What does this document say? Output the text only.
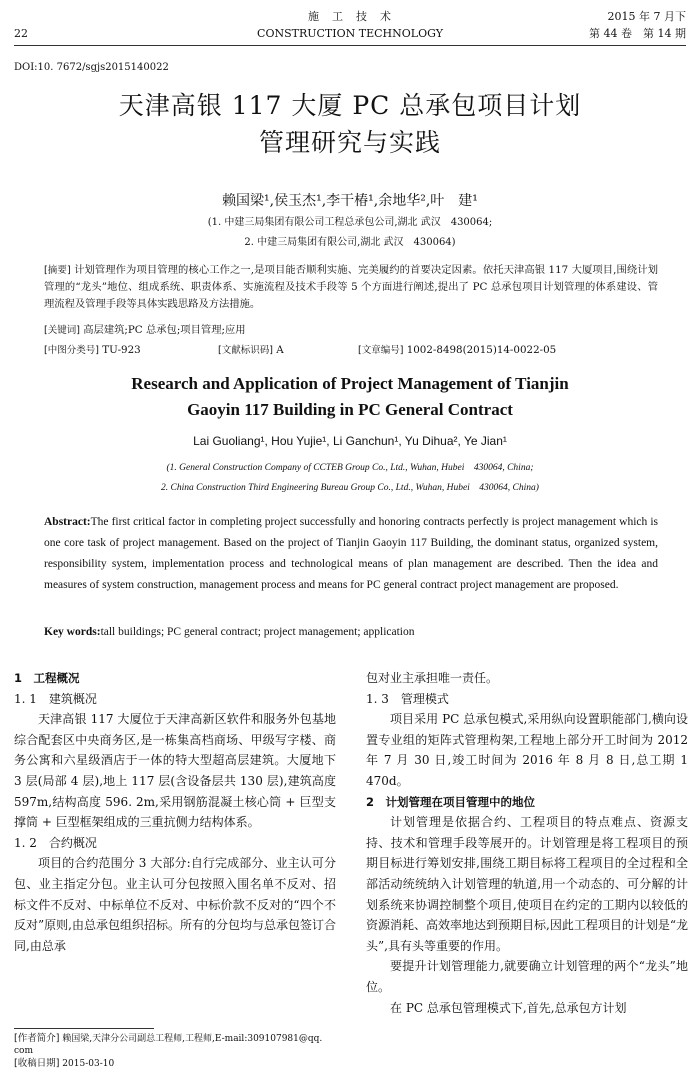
22
施　工　技　术
CONSTRUCTION TECHNOLOGY
2015 年 7 月下
第 44 卷　第 14 期
DOI:10. 7672/sgjs2015140022
天津高银 117 大厦 PC 总承包项目计划
管理研究与实践
赖国梁¹,侯玉杰¹,李干椿¹,余地华²,叶　建¹
(1. 中建三局集团有限公司工程总承包公司,湖北 武汉　430064;
2. 中建三局集团有限公司,湖北 武汉　430064)
[摘要] 计划管理作为项目管理的核心工作之一,是项目能否顺利实施、完美履约的首要决定因素。依托天津高银 117 大厦项目,围绕计划管理的“龙头”地位、组成系统、职责体系、实施流程及技术手段等 5 个方面进行阐述,提出了 PC 总承包项目计划管理的体系建设、管理流程及管理手段等具体实践思路及方法措施。
[关键词] 高层建筑;PC 总承包;项目管理;应用
[中图分类号] TU-923	[文献标识码] A	[文章编号] 1002-8498(2015)14-0022-05
Research and Application of Project Management of Tianjin
Gaoyin 117 Building in PC General Contract
Lai Guoliang¹, Hou Yujie¹, Li Ganchun¹, Yu Dihua², Ye Jian¹
(1. General Construction Company of CCTEB Group Co., Ltd., Wuhan, Hubei　430064, China;
2. China Construction Third Engineering Bureau Group Co., Ltd., Wuhan, Hubei　430064, China)
Abstract:The first critical factor in completing project successfully and honoring contracts perfectly is project management which is one core task of project management. Based on the project of Tianjin Gaoyin 117 Building, the dominant status, organized system, responsibility system, implementation process and technological means of plan management are described. Then the idea and measures of system construction, management process and means for PC general contract project management are proposed.
Key words:tall buildings; PC general contract; project management; application

1　工程概况

1. 1　建筑概况

天津高银 117 大厦位于天津高新区软件和服务外包基地综合配套区中央商务区,是一栋集高档商场、甲级写字楼、商务公寓和六星级酒店于一体的特大型超高层建筑。大厦地下 3 层(局部 4 层),地上 117 层(含设备层共 130 层),建筑高度 597m,结构高度 596. 2m,采用钢筋混凝土核心筒 + 巨型支撑筒 + 巨型框架组成的三重抗侧力结构体系。

1. 2　合约概况

项目的合约范围分 3 大部分:自行完成部分、业主认可分包、业主指定分包。业主认可分包按照入围名单不反对、招标文件不反对、中标单位不反对、中标价款不反对的“四个不反对”原则,由总承包组织招标。所有的分包均与总承包签订合同,由总承

[作者简介] 赖国梁,天津分公司副总工程师,工程师,E-mail:309107981@qq. com
[收稿日期] 2015-03-10

包对业主承担唯一责任。

1. 3　管理模式

项目采用 PC 总承包模式,采用纵向设置职能部门,横向设置专业组的矩阵式管理构架,工程地上部分开工时间为 2012 年 7 月 30 日,竣工时间为 2016 年 8 月 8 日,总工期 1 470d。

2　计划管理在项目管理中的地位

计划管理是依据合约、工程项目的特点难点、资源支持、技术和管理手段等展开的。计划管理是将工程项目的预期目标进行筹划安排,围绕工期目标将工程项目的全过程和全部活动统统纳入计划管理的轨道,用一个动态的、可分解的计划系统来协调控制整个项目,使项目在约定的工期内以较低的资源消耗、高效率地达到预期目标,因此工程项目的计划是“龙头”,具有头等重要的作用。

要提升计划管理能力,就要确立计划管理的两个“龙头”地位。

在 PC 总承包管理模式下,首先,总承包方计划
